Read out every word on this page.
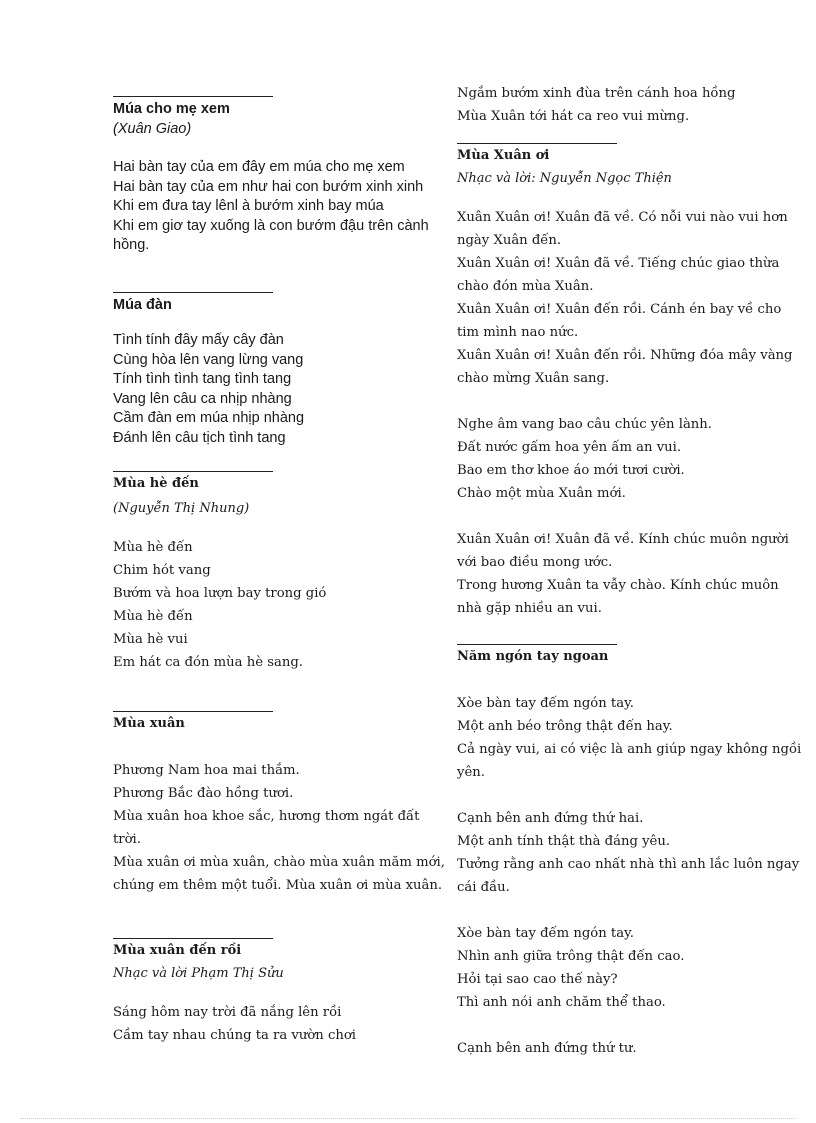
Múa cho mẹ xem
(Xuân Giao)
Hai bàn tay của em đây em múa cho mẹ xem
Hai bàn tay của em như hai con bướm xinh xinh
Khi em đưa tay lênl à bướm xinh bay múa
Khi em giơ tay xuống là con bướm đậu trên cành hồng.
Múa đàn
Tình tính đây mấy cây đàn
Cùng hòa lên vang lừng vang
Tính tình tình tang tình tang
Vang lên câu ca nhịp nhàng
Cầm đàn em múa nhịp nhàng
Đánh lên câu tịch tình tang
Mùa hè đến
(Nguyễn Thị Nhung)
Mùa hè đến
Chim hót vang
Bướm và hoa lượn bay trong gió
Mùa hè đến
Mùa hè vui
Em hát ca đón mùa hè sang.
Mùa xuân
Phương Nam hoa mai thắm.
Phương Bắc đào hồng tươi.
Mùa xuân hoa khoe sắc, hương thơm ngát đất trời.
Mùa xuân ơi mùa xuân, chào mùa xuân măm mới, chúng em thêm một tuổi. Mùa xuân ơi mùa xuân.
Mùa xuân đến rồi
Nhạc và lời Phạm Thị Sửu
Sáng hôm nay trời đã nắng lên rồi
Cầm tay nhau chúng ta ra vườn chơi
Ngắm bướm xinh đùa trên cánh hoa hồng
Mùa Xuân tới hát ca reo vui mừng.
Mùa Xuân ơi
Nhạc và lời: Nguyễn Ngọc Thiện
Xuân Xuân ơi! Xuân đã về. Có nỗi vui nào vui hơn ngày Xuân đến.
Xuân Xuân ơi! Xuân đã về. Tiếng chúc giao thừa chào đón mùa Xuân.
Xuân Xuân ơi! Xuân đến rồi. Cánh én bay về cho tim mình nao nức.
Xuân Xuân ơi! Xuân đến rồi. Những đóa mây vàng chào mừng Xuân sang.

Nghe âm vang bao câu chúc yên lành.
Đất nước gấm hoa yên ấm an vui.
Bao em thơ khoe áo mới tươi cười.
Chào một mùa Xuân mới.

Xuân Xuân ơi! Xuân đã về. Kính chúc muôn người với bao điều mong ước.
Trong hương Xuân ta vẫy chào. Kính chúc muôn nhà gặp nhiều an vui.
Năm ngón tay ngoan
Xòe bàn tay đếm ngón tay.
Một anh béo trông thật đến hay.
Cả ngày vui, ai có việc là anh giúp ngay không ngồi yên.

Cạnh bên anh đứng thứ hai.
Một anh tính thật thà đáng yêu.
Tưởng rằng anh cao nhất nhà thì anh lắc luôn ngay cái đầu.

Xòe bàn tay đếm ngón tay.
Nhìn anh giữa trông thật đến cao.
Hỏi tại sao cao thế này?
Thì anh nói anh chăm thể thao.

Cạnh bên anh đứng thứ tư.
